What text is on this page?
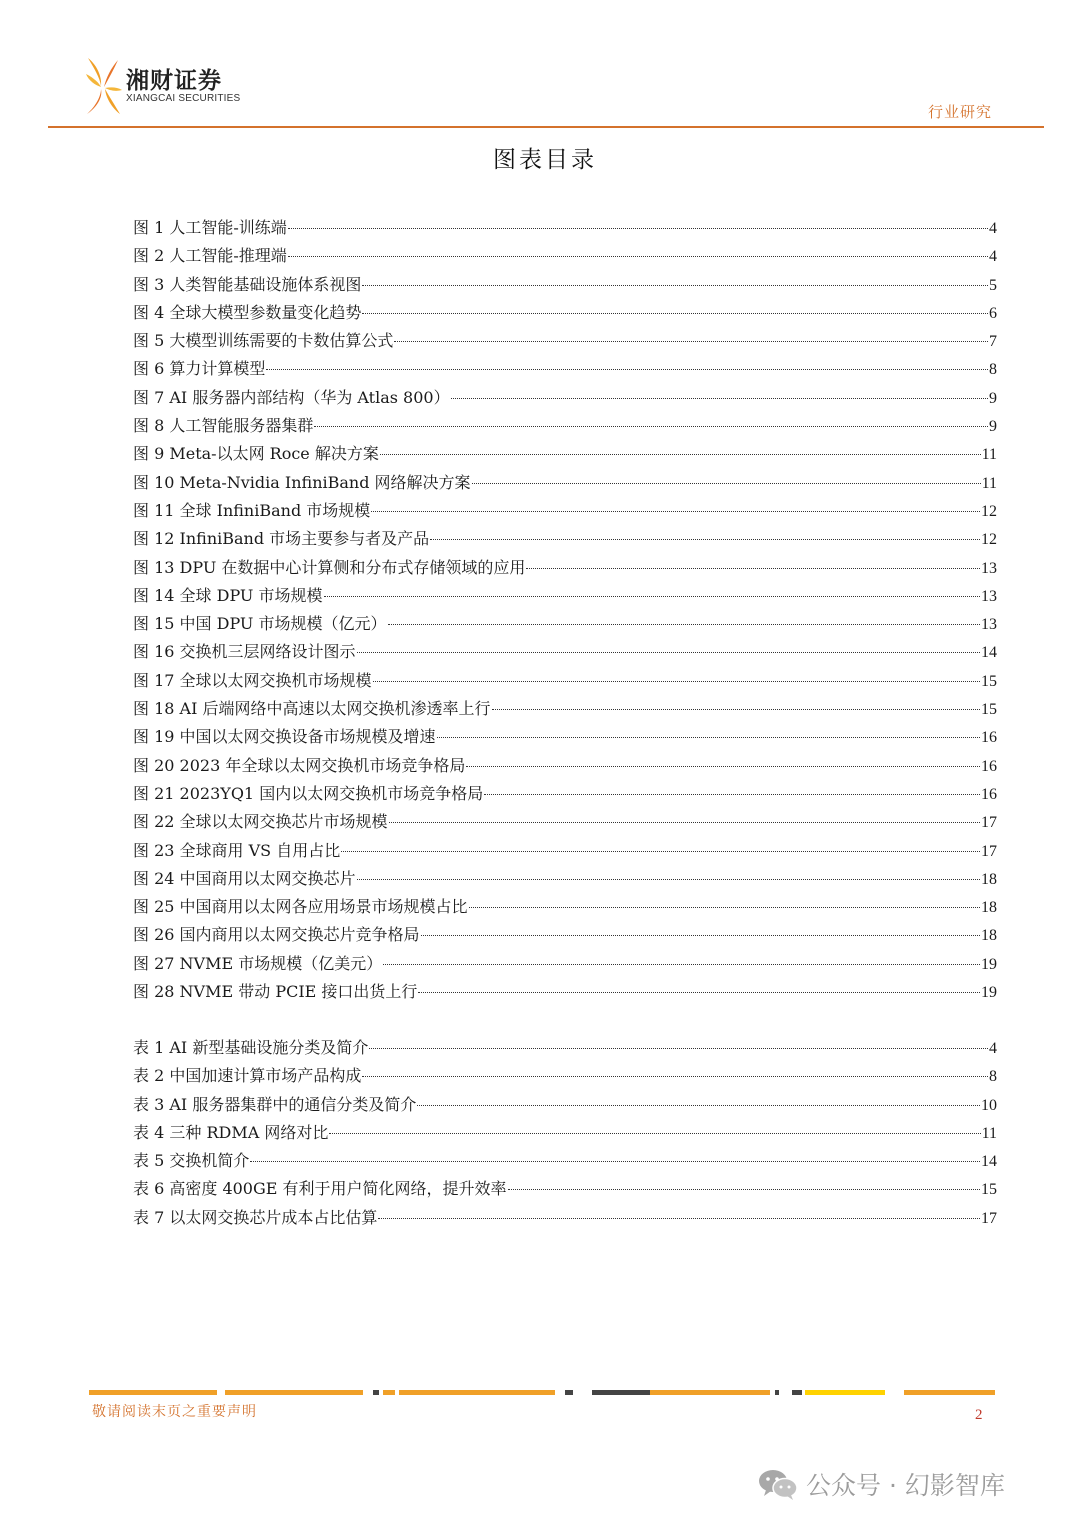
湘财证券
XIANGCAI SECURITIES
行业研究
图表目录
图 1 人工智能-训练端	4
图 2 人工智能-推理端	4
图 3 人类智能基础设施体系视图	5
图 4 全球大模型参数量变化趋势	6
图 5 大模型训练需要的卡数估算公式	7
图 6 算力计算模型	8
图 7 AI 服务器内部结构（华为 Atlas 800）	9
图 8 人工智能服务器集群	9
图 9 Meta-以太网 Roce 解决方案	11
图 10 Meta-Nvidia InfiniBand 网络解决方案	11
图 11 全球 InfiniBand 市场规模	12
图 12 InfiniBand 市场主要参与者及产品	12
图 13 DPU 在数据中心计算侧和分布式存储领域的应用	13
图 14 全球 DPU 市场规模	13
图 15 中国 DPU 市场规模（亿元）	13
图 16 交换机三层网络设计图示	14
图 17 全球以太网交换机市场规模	15
图 18 AI 后端网络中高速以太网交换机渗透率上行	15
图 19 中国以太网交换设备市场规模及增速	16
图 20 2023 年全球以太网交换机市场竞争格局	16
图 21 2023YQ1 国内以太网交换机市场竞争格局	16
图 22 全球以太网交换芯片市场规模	17
图 23 全球商用 VS 自用占比	17
图 24 中国商用以太网交换芯片	18
图 25 中国商用以太网各应用场景市场规模占比	18
图 26 国内商用以太网交换芯片竞争格局	18
图 27 NVME 市场规模（亿美元）	19
图 28 NVME 带动 PCIE 接口出货上行	19
表 1 AI 新型基础设施分类及简介	4
表 2 中国加速计算市场产品构成	8
表 3 AI 服务器集群中的通信分类及简介	10
表 4 三种 RDMA 网络对比	11
表 5 交换机简介	14
表 6 高密度 400GE 有利于用户简化网络，提升效率	15
表 7 以太网交换芯片成本占比估算	17
敬请阅读末页之重要声明	2
公众号 · 幻影智库
